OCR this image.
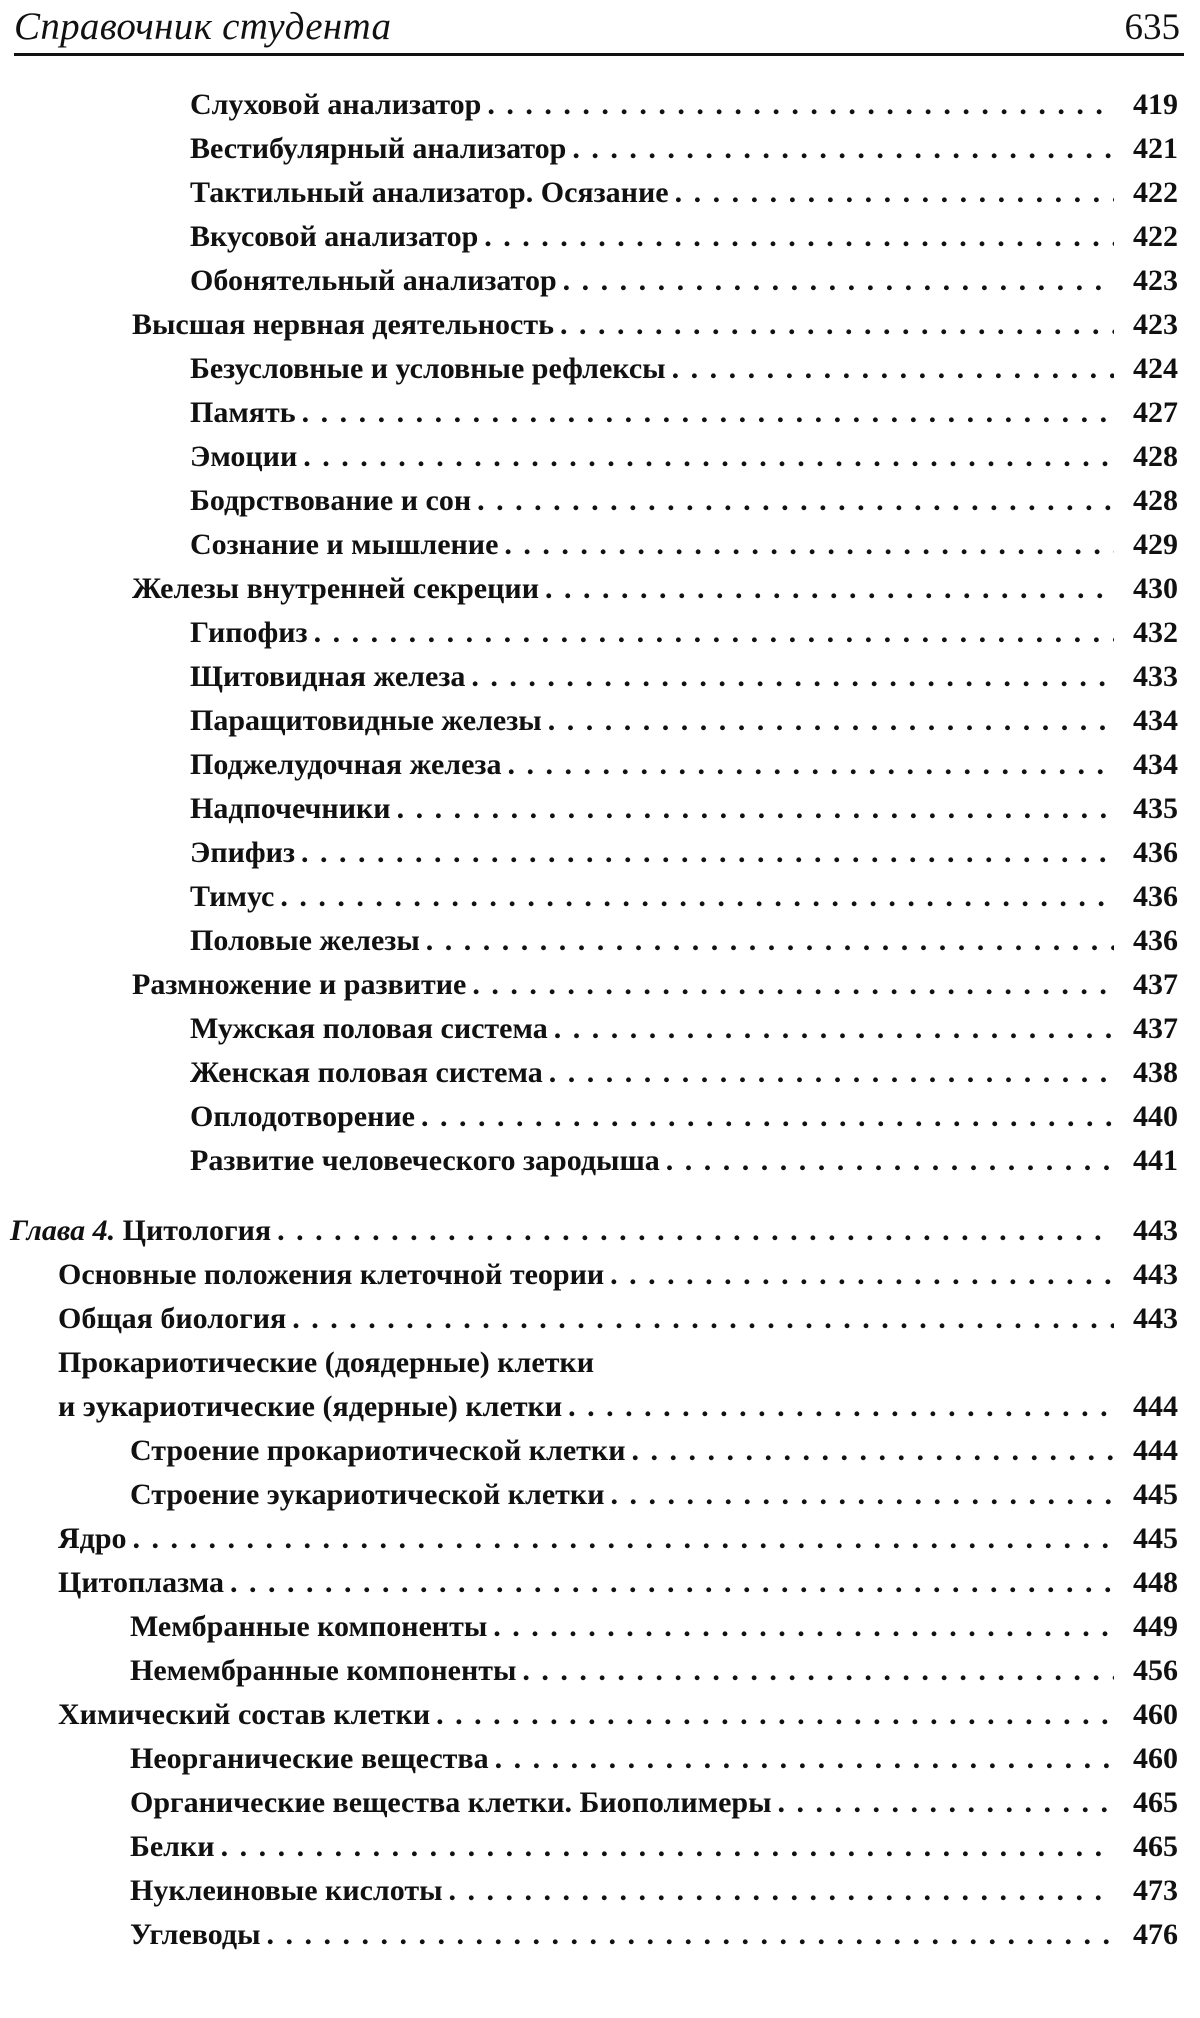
Справочник студента	635
Слуховой анализатор . . .	419
Вестибулярный анализатор . . .	421
Тактильный анализатор. Осязание . . .	422
Вкусовой анализатор . . .	422
Обонятельный анализатор . . .	423
Высшая нервная деятельность . . .	423
Безусловные и условные рефлексы . . .	424
Память . . .	427
Эмоции . . .	428
Бодрствование и сон . . .	428
Сознание и мышление . . .	429
Железы внутренней секреции . . .	430
Гипофиз . . .	432
Щитовидная железа . . .	433
Паращитовидные железы . . .	434
Поджелудочная железа . . .	434
Надпочечники . . .	435
Эпифиз . . .	436
Тимус . . .	436
Половые железы . . .	436
Размножение и развитие . . .	437
Мужская половая система . . .	437
Женская половая система . . .	438
Оплодотворение . . .	440
Развитие человеческого зародыша . . .	441
Глава 4. Цитология . . .	443
Основные положения клеточной теории . . .	443
Общая биология . . .	443
Прокариотические (доядерные) клетки
и эукариотические (ядерные) клетки . . .	444
Строение прокариотической клетки . . .	444
Строение эукариотической клетки . . .	445
Ядро . . .	445
Цитоплазма . . .	448
Мембранные компоненты . . .	449
Немембранные компоненты . . .	456
Химический состав клетки . . .	460
Неорганические вещества . . .	460
Органические вещества клетки. Биополимеры . . .	465
Белки . . .	465
Нуклеиновые кислоты . . .	473
Углеводы . . .	476
